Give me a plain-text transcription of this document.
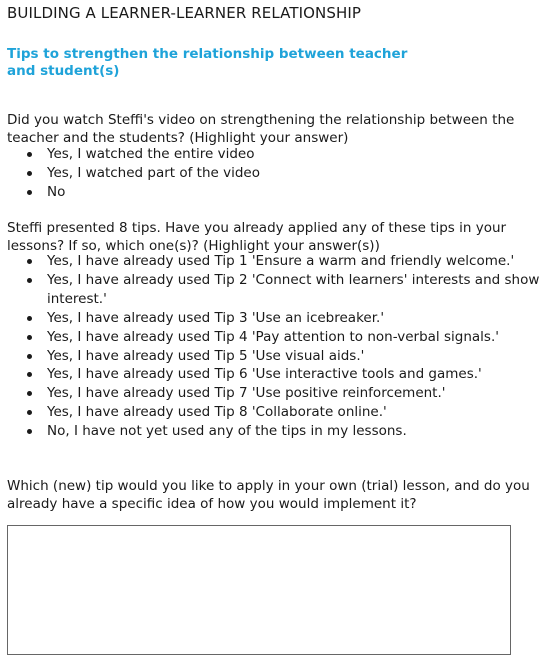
BUILDING A LEARNER-LEARNER RELATIONSHIP
Tips to strengthen the relationship between teacher and student(s)

Did you watch Steffi's video on strengthening the relationship between the teacher and the students? (Highlight your answer)

Yes, I watched the entire video
Yes, I watched part of the video
No

Steffi presented 8 tips. Have you already applied any of these tips in your lessons? If so, which one(s)? (Highlight your answer(s))

Yes, I have already used Tip 1 'Ensure a warm and friendly welcome.'
Yes, I have already used Tip 2 'Connect with learners' interests and show interest.'
Yes, I have already used Tip 3 'Use an icebreaker.'
Yes, I have already used Tip 4 'Pay attention to non-verbal signals.'
Yes, I have already used Tip 5 'Use visual aids.'
Yes, I have already used Tip 6 'Use interactive tools and games.'
Yes, I have already used Tip 7 'Use positive reinforcement.'
Yes, I have already used Tip 8 'Collaborate online.'
No, I have not yet used any of the tips in my lessons.

Which (new) tip would you like to apply in your own (trial) lesson, and do you already have a specific idea of how you would implement it?
